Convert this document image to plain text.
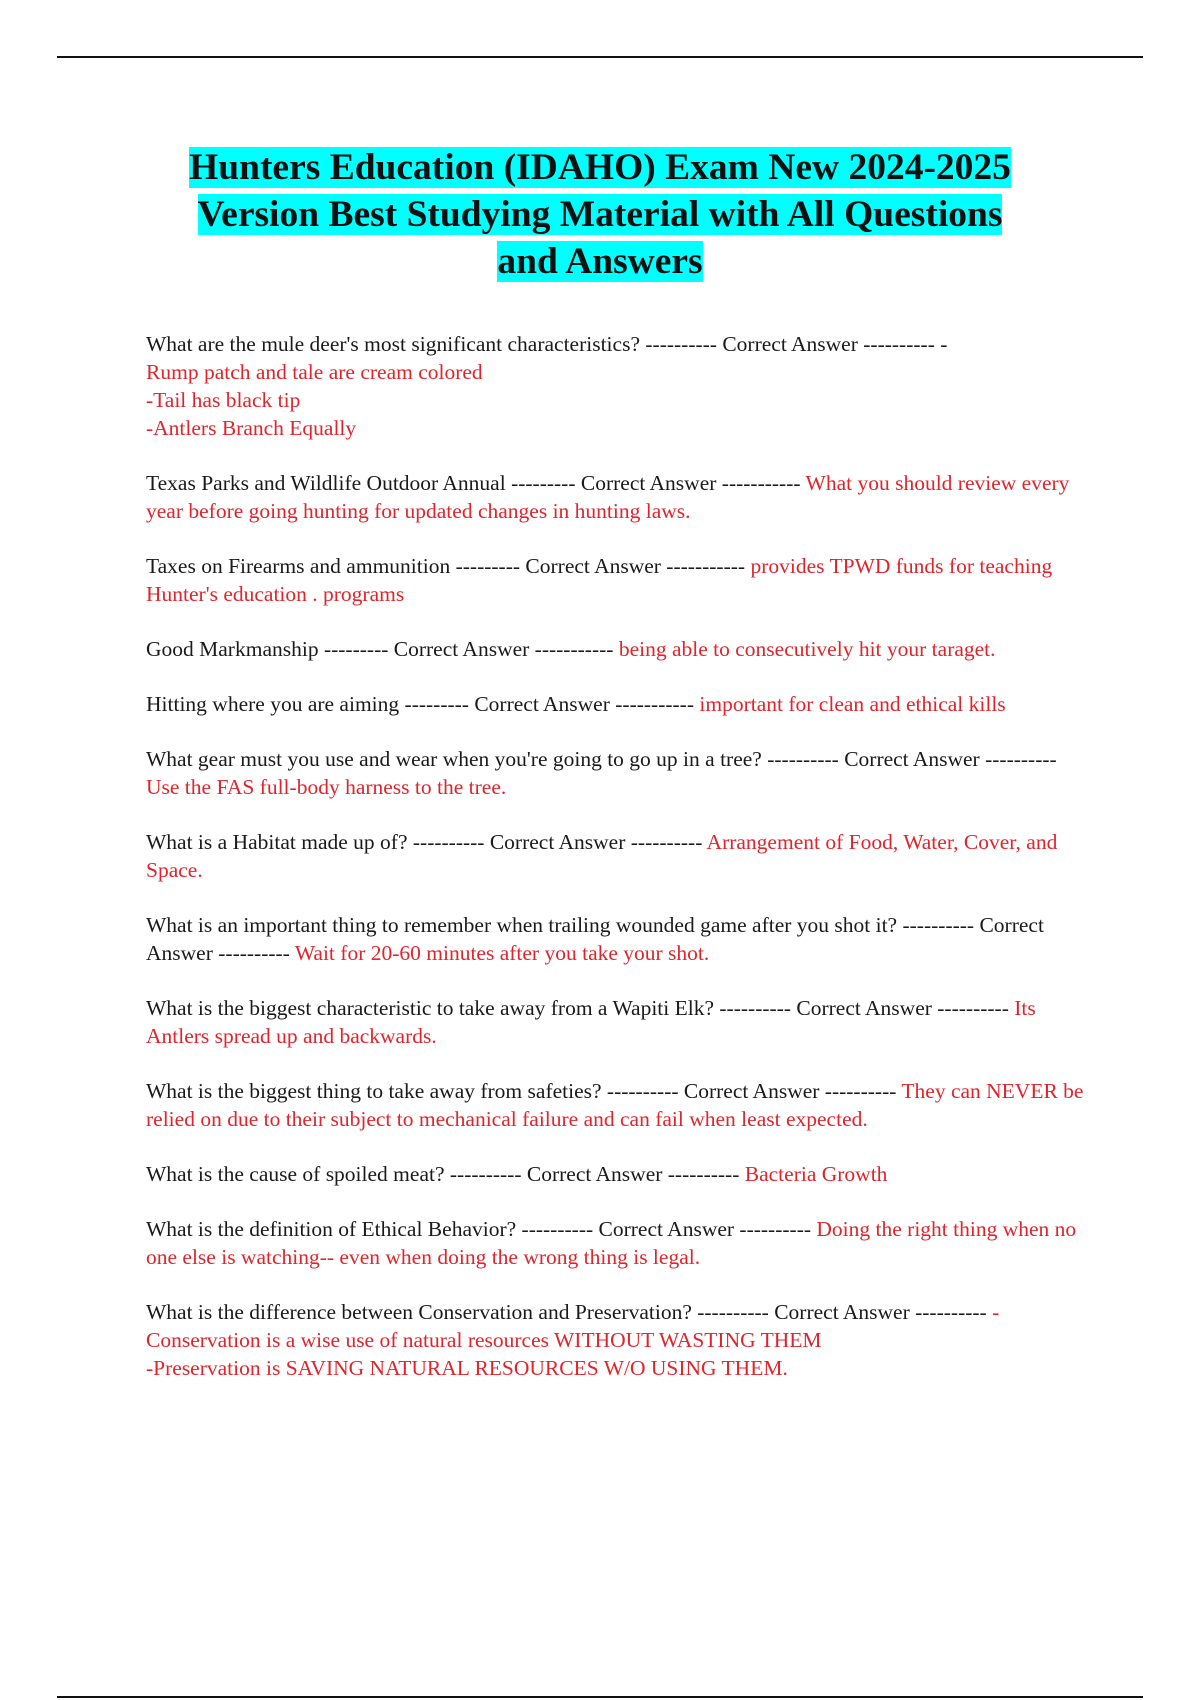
Hunters Education (IDAHO) Exam New 2024-2025
Version Best Studying Material with All Questions
and Answers
What are the mule deer's most significant characteristics? ---------- Correct Answer ---------- -
Rump patch and tale are cream colored
-Tail has black tip
-Antlers Branch Equally
Texas Parks and Wildlife Outdoor Annual --------- Correct Answer ----------- What you should review every year before going hunting for updated changes in hunting laws.
Taxes on Firearms and ammunition --------- Correct Answer ----------- provides TPWD funds for teaching Hunter's education . programs
Good Markmanship --------- Correct Answer ----------- being able to consecutively hit your taraget.
Hitting where you are aiming --------- Correct Answer ----------- important for clean and ethical kills
What gear must you use and wear when you're going to go up in a tree? ---------- Correct Answer ---------- Use the FAS full-body harness to the tree.
What is a Habitat made up of? ---------- Correct Answer ---------- Arrangement of Food, Water, Cover, and Space.
What is an important thing to remember when trailing wounded game after you shot it? ---------- Correct Answer ---------- Wait for 20-60 minutes after you take your shot.
What is the biggest characteristic to take away from a Wapiti Elk? ---------- Correct Answer ---------- Its Antlers spread up and backwards.
What is the biggest thing to take away from safeties? ---------- Correct Answer ---------- They can NEVER be relied on due to their subject to mechanical failure and can fail when least expected.
What is the cause of spoiled meat? ---------- Correct Answer ---------- Bacteria Growth
What is the definition of Ethical Behavior? ---------- Correct Answer ---------- Doing the right thing when no one else is watching-- even when doing the wrong thing is legal.
What is the difference between Conservation and Preservation? ---------- Correct Answer ---------- -Conservation is a wise use of natural resources WITHOUT WASTING THEM
-Preservation is SAVING NATURAL RESOURCES W/O USING THEM.
